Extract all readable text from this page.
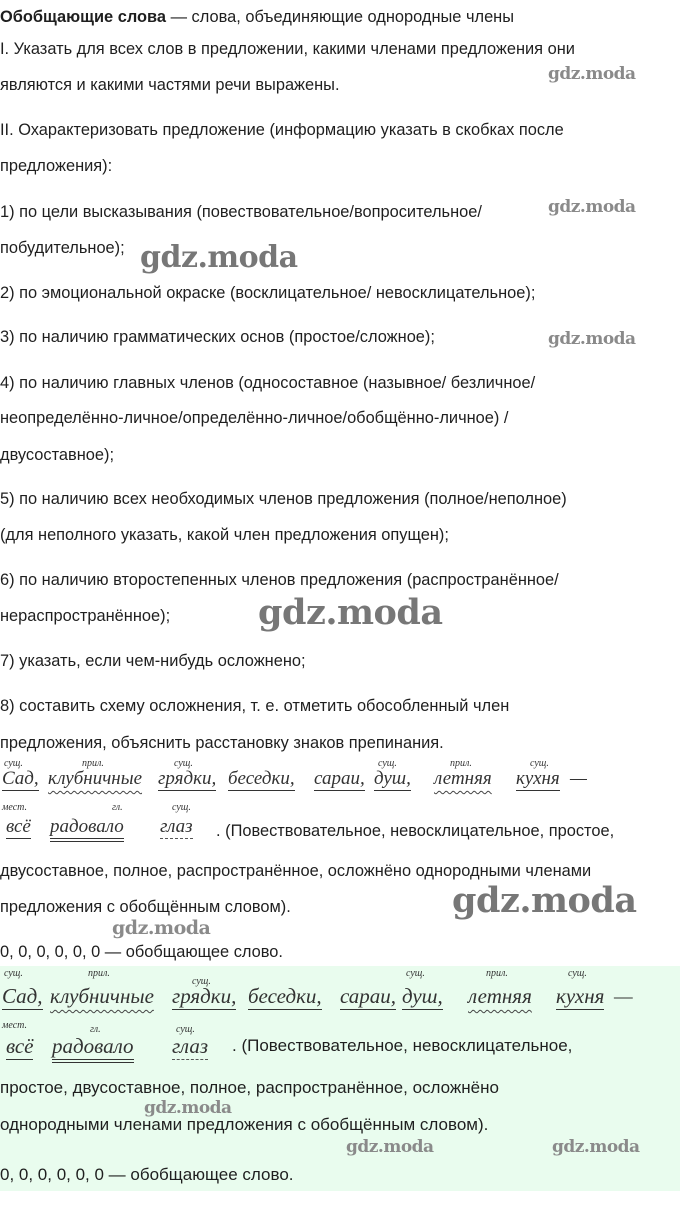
Обобщающие слова — слова, объединяющие однородные члены
I. Указать для всех слов в предложении, какими членами предложения они
являются и какими частями речи выражены.
II. Охарактеризовать предложение (информацию указать в скобках после
предложения):
1) по цели высказывания (повествовательное/вопросительное/
побудительное);
2) по эмоциональной окраске (восклицательное/ невосклицательное);
3) по наличию грамматических основ (простое/сложное);
4) по наличию главных членов (односоставное (назывное/ безличное/
неопределённо-личное/определённо-личное/обобщённо-личное) /
двусоставное);
5) по наличию всех необходимых членов предложения (полное/неполное)
(для неполного указать, какой член предложения опущен);
6) по наличию второстепенных членов предложения (распространённое/
нераспространённое);
7) указать, если чем-нибудь осложнено;
8) составить схему осложнения, т. е. отметить обособленный член
предложения, объяснить расстановку знаков препинания.
сущ.	прил.	сущ.	сущ.	прил.	сущ.
Сад, клубничные грядки, беседки, сараи, душ, летняя кухня —
мест.	гл.	сущ.
всё радовало глаз . (Повествовательное, невосклицательное, простое,
двусоставное, полное, распространённое, осложнёно однородными членами
предложения с обобщённым словом).
0, 0, 0, 0, 0, 0 — обобщающее слово.
сущ.	прил.
сущ.
сущ.	прил.	сущ.
Сад, клубничные грядки, беседки, сараи, душ, летняя кухня —
мест.	гл.	сущ.
всё радовало глаз . (Повествовательное, невосклицательное,
простое, двусоставное, полное, распространённое, осложнёно
однородными членами предложения с обобщённым словом).
0, 0, 0, 0, 0, 0 — обобщающее слово.
gdz.moda
gdz.moda
gdz.moda
gdz.moda
gdz.moda
gdz.moda
gdz.moda
gdz.moda
gdz.moda	gdz.moda
